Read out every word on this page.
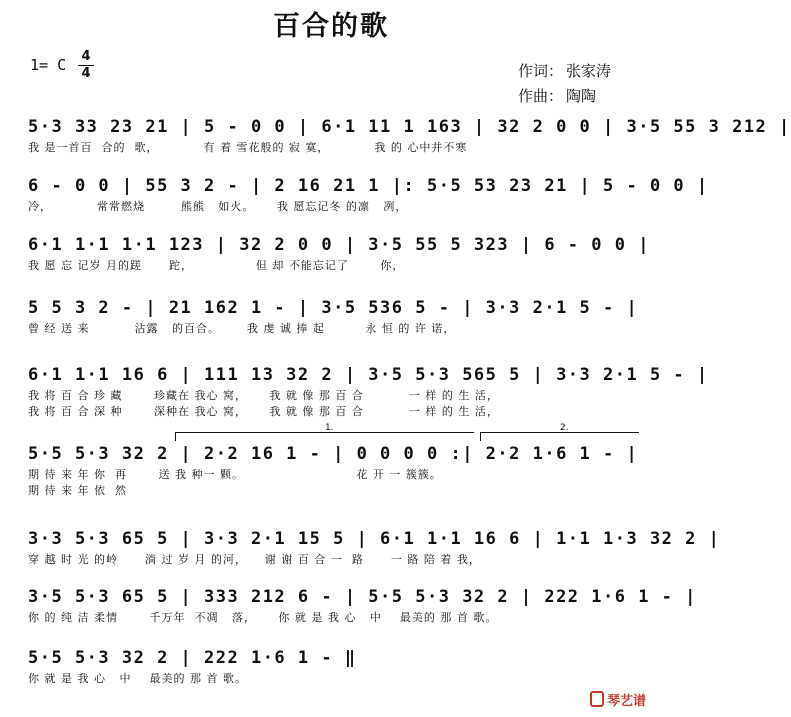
百合的歌
1= C 4
4	作词： 张家涛
作曲： 陶陶
5·3 33 23 21 | 5 - 0 0 | 6·1 11 1 163 | 32 2 0 0 | 3·5 55 3 212 |
我 是一首百  合的  歌，          有 着 雪花般的 寂 寞，          我 的 心中并不寒
6 - 0 0 | 55 3 2 - | 2 16 21 1 |: 5·5 53 23 21 | 5 - 0 0 |
冷，          常常燃烧        熊熊   如火。     我 愿忘记冬 的凛   冽，
6·1 1·1 1·1 123 | 32 2 0 0 | 3·5 55 5 323 | 6 - 0 0 |
我 愿 忘 记岁 月的蹉      跎，              但 却 不能忘记了       你，
5 5 3 2 - | 21 162 1 - | 3·5 536 5 - | 3·3 2·1 5 - |
曾 经 送 来          沾露   的百合。      我 虔 诚 捧 起         永 恒 的 许 诺，
6·1 1·1 16 6 | 111 13 32 2 | 3·5 5·3 565 5 | 3·3 2·1 5 - |
我 将 百 合 珍 藏       珍藏在 我心 窝，     我 就 像 那 百 合          一 样 的 生 活，
我 将 百 合 深 种       深种在 我心 窝，     我 就 像 那 百 合          一 样 的 生 活，
1.	2.
5·5 5·3 32 2 | 2·2 16 1 - | 0 0 0 0 :| 2·2 1·6 1 - |
期 待 来 年 你  再       送 我 种一 颗。                         花 开 一 簇簇。
期 待 来 年 依  然
3·3 5·3 65 5 | 3·3 2·1 15 5 | 6·1 1·1 16 6 | 1·1 1·3 32 2 |
穿 越 时 光 的岭      淌 过 岁 月 的河，    谢 谢 百 合 一  路      一 路 陪 着 我，
3·5 5·3 65 5 | 333 212 6 - | 5·5 5·3 32 2 | 222 1·6 1 - |
你 的 纯 洁 柔情       千万年  不凋   落，     你 就 是 我 心   中    最美的 那 首 歌。
5·5 5·3 32 2 | 222 1·6 1 - ‖
你 就 是 我 心   中    最美的 那 首 歌。
琴艺谱
